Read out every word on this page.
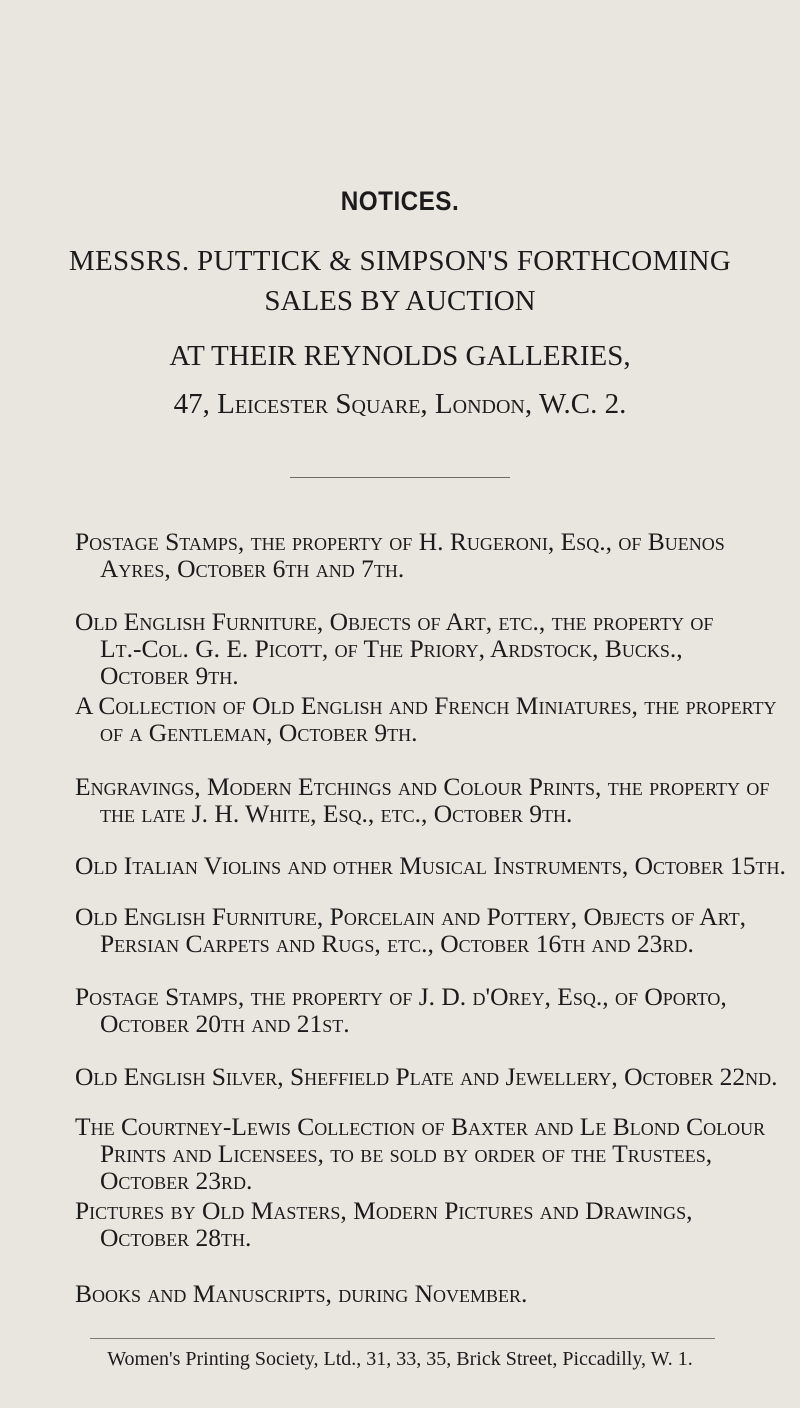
NOTICES.
MESSRS. PUTTICK & SIMPSON'S FORTHCOMING
SALES BY AUCTION
AT THEIR REYNOLDS GALLERIES,
47, Leicester Square, London, W.C. 2.
Postage Stamps, the property of H. Rugeroni, Esq., of Buenos
Ayres, October 6th and 7th.
Old English Furniture, Objects of Art, etc., the property of
Lt.-Col. G. E. Picott, of The Priory, Ardstock, Bucks.,
October 9th.
A Collection of Old English and French Miniatures, the property
of a Gentleman, October 9th.
Engravings, Modern Etchings and Colour Prints, the property of
the late J. H. White, Esq., etc., October 9th.
Old Italian Violins and other Musical Instruments, October 15th.
Old English Furniture, Porcelain and Pottery, Objects of Art,
Persian Carpets and Rugs, etc., October 16th and 23rd.
Postage Stamps, the property of J. D. d'Orey, Esq., of Oporto,
October 20th and 21st.
Old English Silver, Sheffield Plate and Jewellery, October 22nd.
The Courtney-Lewis Collection of Baxter and Le Blond Colour
Prints and Licensees, to be sold by order of the Trustees,
October 23rd.
Pictures by Old Masters, Modern Pictures and Drawings,
October 28th.
Books and Manuscripts, during November.
Women's Printing Society, Ltd., 31, 33, 35, Brick Street, Piccadilly, W. 1.
